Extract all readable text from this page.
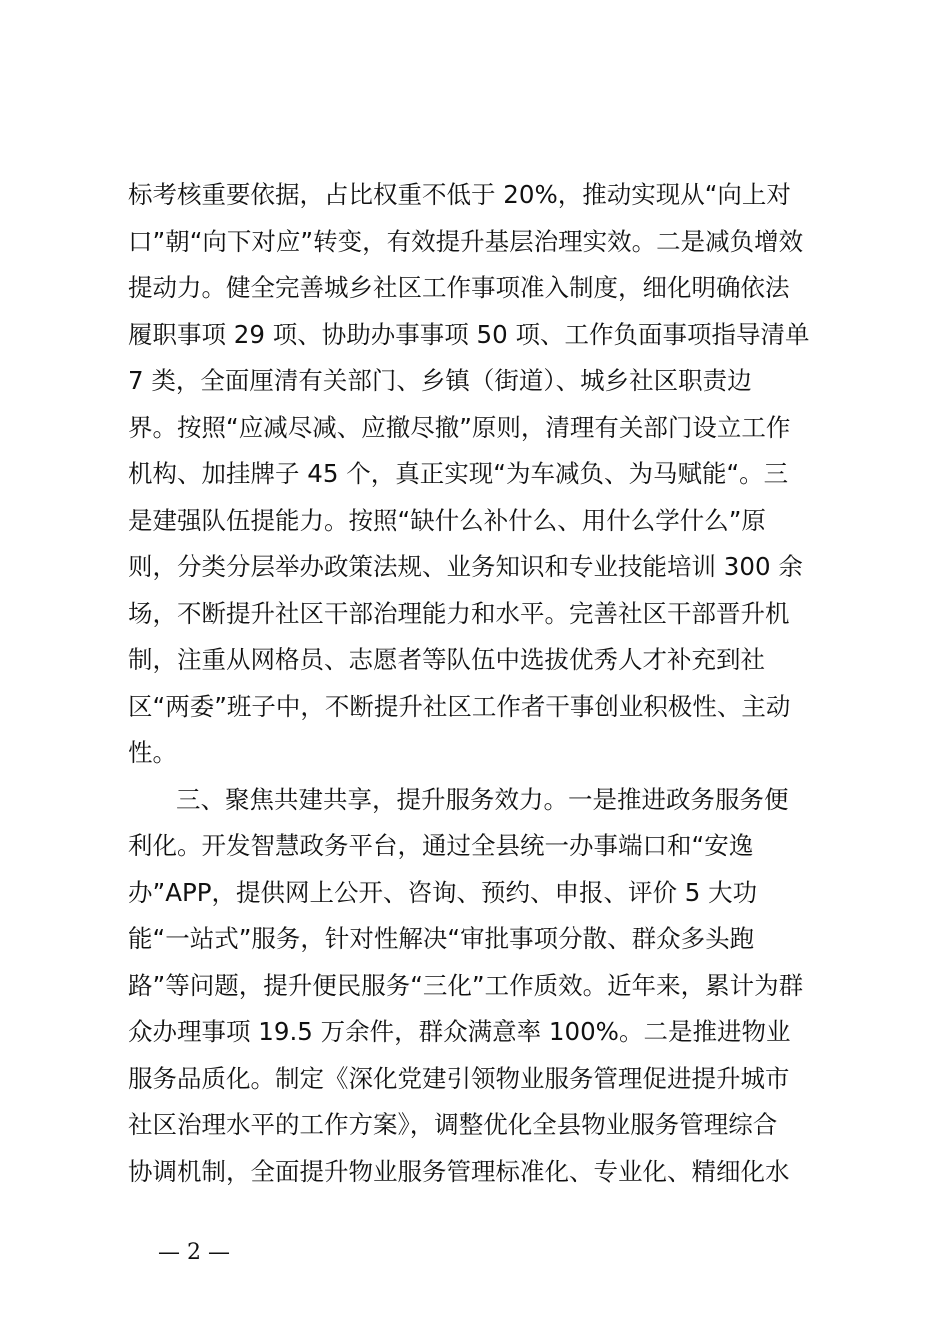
标考核重要依据，占比权重不低于 20%，推动实现从“向上对
口”朝“向下对应”转变，有效提升基层治理实效。二是减负增效
提动力。健全完善城乡社区工作事项准入制度，细化明确依法
履职事项 29 项、协助办事事项 50 项、工作负面事项指导清单
7 类，全面厘清有关部门、乡镇（街道）、城乡社区职责边
界。按照“应减尽减、应撤尽撤”原则，清理有关部门设立工作
机构、加挂牌子 45 个，真正实现“为车减负、为马赋能“。三
是建强队伍提能力。按照“缺什么补什么、用什么学什么”原
则，分类分层举办政策法规、业务知识和专业技能培训 300 余
场，不断提升社区干部治理能力和水平。完善社区干部晋升机
制，注重从网格员、志愿者等队伍中选拔优秀人才补充到社
区“两委”班子中，不断提升社区工作者干事创业积极性、主动
性。
三、聚焦共建共享，提升服务效力。一是推进政务服务便
利化。开发智慧政务平台，通过全县统一办事端口和“安逸
办”APP，提供网上公开、咨询、预约、申报、评价 5 大功
能“一站式”服务，针对性解决“审批事项分散、群众多头跑
路”等问题，提升便民服务“三化”工作质效。近年来，累计为群
众办理事项 19.5 万余件，群众满意率 100%。二是推进物业
服务品质化。制定《深化党建引领物业服务管理促进提升城市
社区治理水平的工作方案》，调整优化全县物业服务管理综合
协调机制，全面提升物业服务管理标准化、专业化、精细化水
— 2 —
